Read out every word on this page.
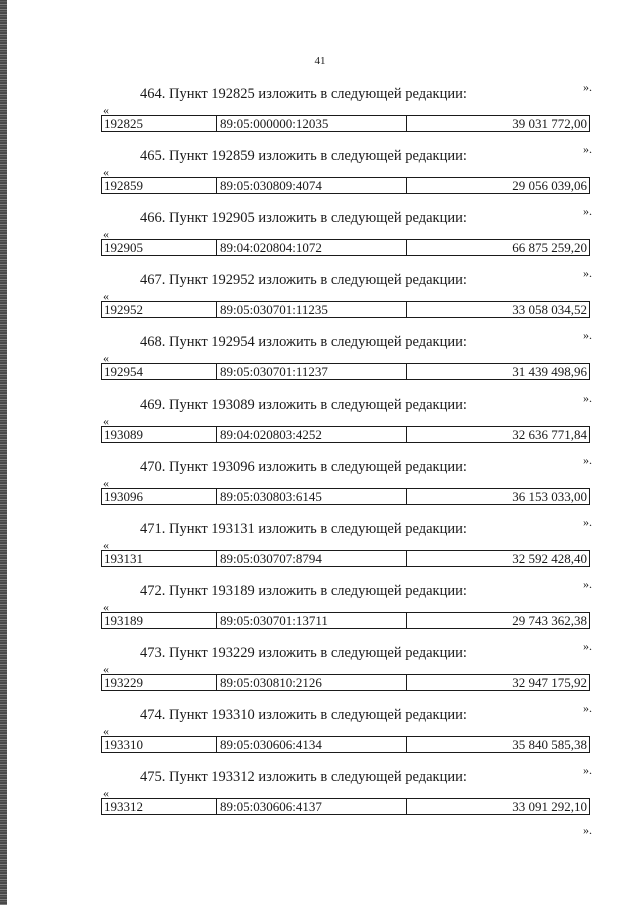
41
».
464. Пункт 192825 изложить в следующей редакции:
«
192825	89:05:000000:12035	39 031 772,00
».
465. Пункт 192859 изложить в следующей редакции:
«
192859	89:05:030809:4074	29 056 039,06
».
466. Пункт 192905 изложить в следующей редакции:
«
192905	89:04:020804:1072	66 875 259,20
».
467. Пункт 192952 изложить в следующей редакции:
«
192952	89:05:030701:11235	33 058 034,52
».
468. Пункт 192954 изложить в следующей редакции:
«
192954	89:05:030701:11237	31 439 498,96
».
469. Пункт 193089 изложить в следующей редакции:
«
193089	89:04:020803:4252	32 636 771,84
».
470. Пункт 193096 изложить в следующей редакции:
«
193096	89:05:030803:6145	36 153 033,00
».
471. Пункт 193131 изложить в следующей редакции:
«
193131	89:05:030707:8794	32 592 428,40
».
472. Пункт 193189 изложить в следующей редакции:
«
193189	89:05:030701:13711	29 743 362,38
».
473. Пункт 193229 изложить в следующей редакции:
«
193229	89:05:030810:2126	32 947 175,92
».
474. Пункт 193310 изложить в следующей редакции:
«
193310	89:05:030606:4134	35 840 585,38
».
475. Пункт 193312 изложить в следующей редакции:
«
193312	89:05:030606:4137	33 091 292,10
».
